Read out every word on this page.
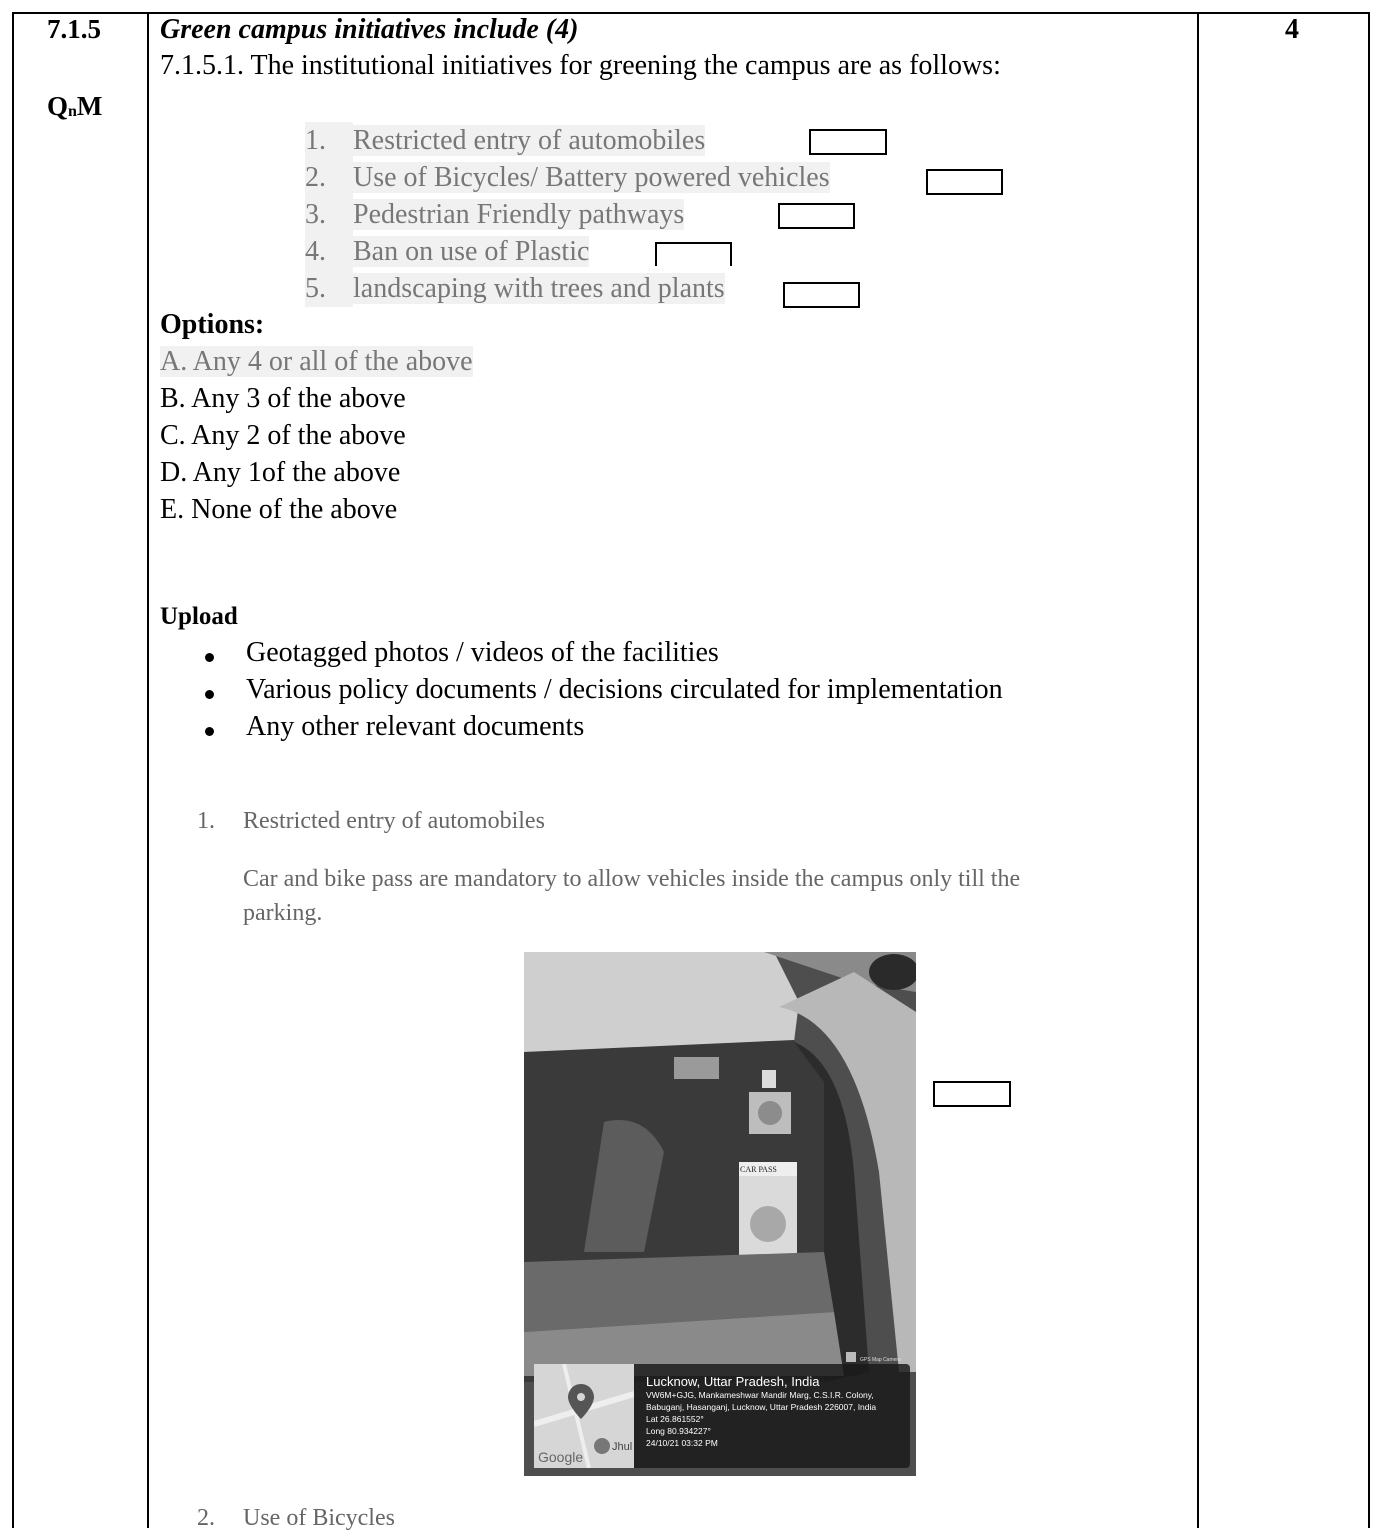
7.1.5
QnM
4
Green campus initiatives include (4)
7.1.5.1. The institutional initiatives for greening the campus are as follows:
1. Restricted entry of automobiles
2. Use of Bicycles/ Battery powered vehicles
3. Pedestrian Friendly pathways
4. Ban on use of Plastic
5. landscaping with trees and plants
Options:
A. Any 4 or all of the above
B. Any 3 of the above
C. Any 2 of the above
D. Any 1of the above
E. None of the above
Upload
Geotagged photos / videos of the facilities
Various policy documents / decisions circulated for implementation
Any other relevant documents
1. Restricted entry of automobiles
Car and bike pass are mandatory to allow vehicles inside the campus only till the
parking.
CAR PASS
GPS Map Camera
Google
Jhul
Lucknow, Uttar Pradesh, India
VW6M+GJG, Mankameshwar Mandir Marg, C.S.I.R. Colony,
Babuganj, Hasanganj, Lucknow, Uttar Pradesh 226007, India
Lat 26.861552°
Long 80.934227°
24/10/21 03:32 PM
2. Use of Bicycles
